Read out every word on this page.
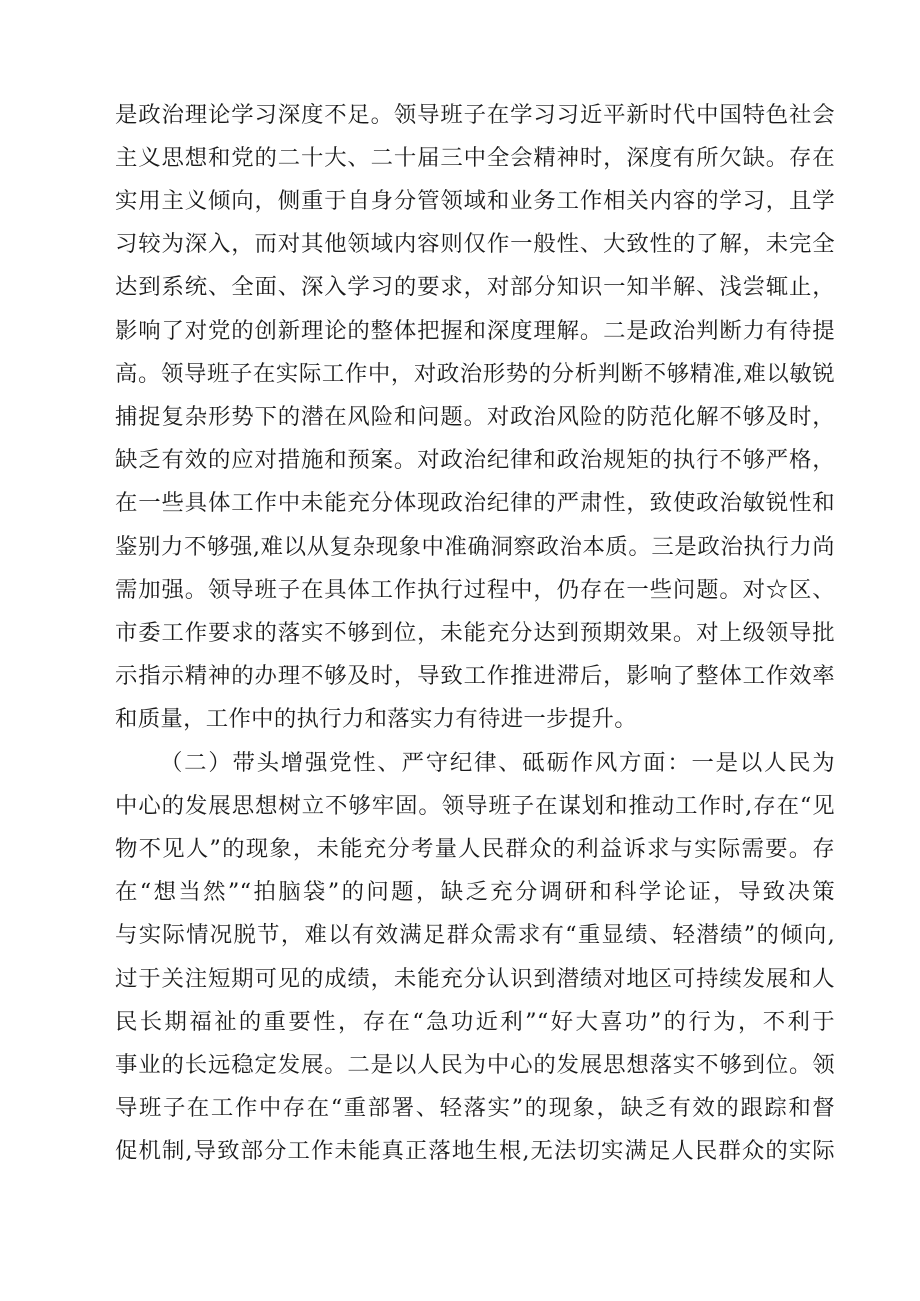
是政治理论学习深度不足。领导班子在学习习近平新时代中国特色社会
主义思想和党的二十大、二十届三中全会精神时，深度有所欠缺。存在
实用主义倾向，侧重于自身分管领域和业务工作相关内容的学习，且学
习较为深入，而对其他领域内容则仅作一般性、大致性的了解，未完全
达到系统、全面、深入学习的要求，对部分知识一知半解、浅尝辄止，
影响了对党的创新理论的整体把握和深度理解。二是政治判断力有待提
高。领导班子在实际工作中，对政治形势的分析判断不够精准,难以敏锐
捕捉复杂形势下的潜在风险和问题。对政治风险的防范化解不够及时，
缺乏有效的应对措施和预案。对政治纪律和政治规矩的执行不够严格，
在一些具体工作中未能充分体现政治纪律的严肃性，致使政治敏锐性和
鉴别力不够强,难以从复杂现象中准确洞察政治本质。三是政治执行力尚
需加强。领导班子在具体工作执行过程中，仍存在一些问题。对☆区、
市委工作要求的落实不够到位，未能充分达到预期效果。对上级领导批
示指示精神的办理不够及时，导致工作推进滞后，影响了整体工作效率
和质量，工作中的执行力和落实力有待进一步提升。
（二）带头增强党性、严守纪律、砥砺作风方面：一是以人民为
中心的发展思想树立不够牢固。领导班子在谋划和推动工作时,存在“见
物不见人”的现象，未能充分考量人民群众的利益诉求与实际需要。存
在“想当然”“拍脑袋”的问题，缺乏充分调研和科学论证，导致决策
与实际情况脱节，难以有效满足群众需求有“重显绩、轻潜绩”的倾向,
过于关注短期可见的成绩，未能充分认识到潜绩对地区可持续发展和人
民长期福祉的重要性，存在“急功近利”“好大喜功”的行为，不利于
事业的长远稳定发展。二是以人民为中心的发展思想落实不够到位。领
导班子在工作中存在“重部署、轻落实”的现象，缺乏有效的跟踪和督
促机制,导致部分工作未能真正落地生根,无法切实满足人民群众的实际
